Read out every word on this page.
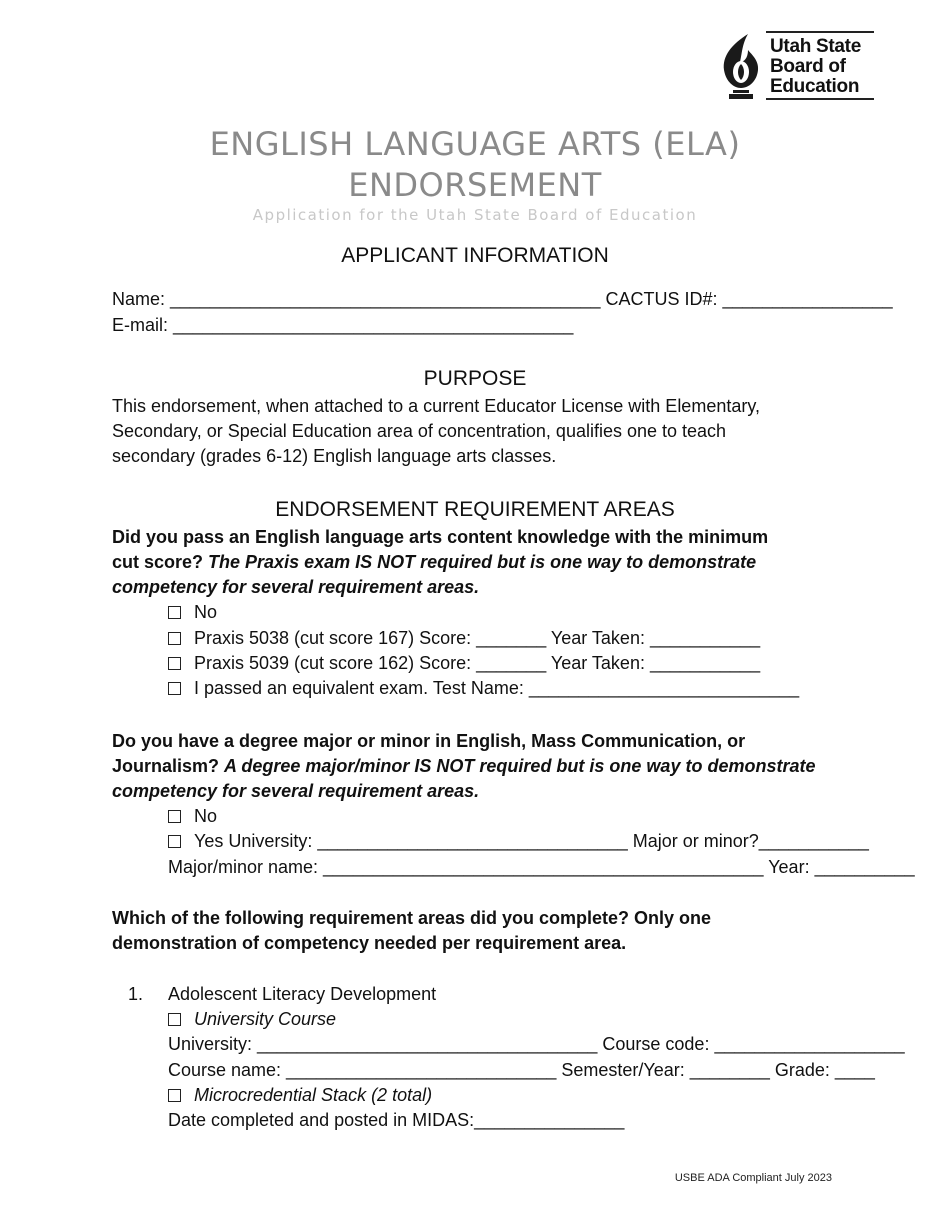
Utah State
Board of
Education
ENGLISH LANGUAGE ARTS (ELA)
ENDORSEMENT
Application for the Utah State Board of Education
APPLICANT INFORMATION
Name: ___________________________________________ CACTUS ID#: _________________
E-mail: ________________________________________
PURPOSE
This endorsement, when attached to a current Educator License with Elementary,
Secondary, or Special Education area of concentration, qualifies one to teach
secondary (grades 6-12) English language arts classes.
ENDORSEMENT REQUIREMENT AREAS
Did you pass an English language arts content knowledge with the minimum
cut score? The Praxis exam IS NOT required but is one way to demonstrate
competency for several requirement areas.
No
Praxis 5038 (cut score 167) Score: _______ Year Taken: ___________
Praxis 5039 (cut score 162) Score: _______ Year Taken: ___________
I passed an equivalent exam. Test Name: ___________________________
Do you have a degree major or minor in English, Mass Communication, or
Journalism? A degree major/minor IS NOT required but is one way to demonstrate
competency for several requirement areas.
No
Yes University: _______________________________ Major or minor?___________
Major/minor name: ____________________________________________ Year: __________
Which of the following requirement areas did you complete? Only one
demonstration of competency needed per requirement area.
1. Adolescent Literacy Development
University Course
University: __________________________________ Course code: ___________________
Course name: ___________________________ Semester/Year: ________ Grade: ____
Microcredential Stack (2 total)
Date completed and posted in MIDAS:_______________
USBE ADA Compliant July 2023
